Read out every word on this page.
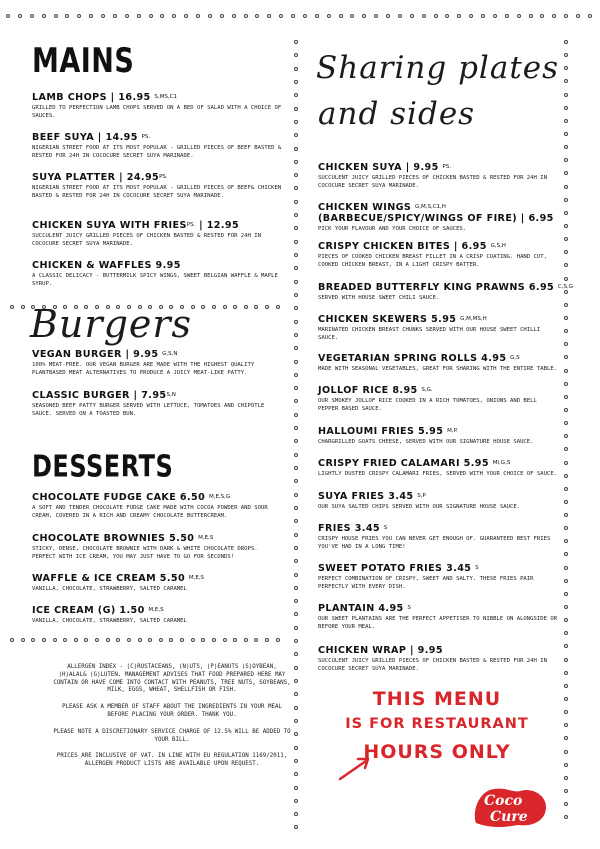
MAINS
LAMB CHOPS | 16.95 $^{S,MS,C1}$
GRILLED TO PERFECTION LAMB CHOPS SERVED ON A BED OF SALAD WITH A CHOICE OF SAUCES.
BEEF SUYA | 14.95 $^{PS.}$
NIGERIAN STREET FOOD AT ITS MOST POPULAR - GRILLED PIECES OF BEEF BASTED & RESTED FOR 24H IN COCOCURE SECRET SUYA MARINADE.
SUYA PLATTER | $24.95^{PS.}$
NIGERIAN STREET FOOD AT ITS MOST POPULAR - GRILLED PIECES OF BEEF& CHICKEN BASTED & RESTED FOR 24H IN COCOCURE SECRET SUYA MARINADE.
CHICKEN SUYA WITH $FRIES^{PS.}$ | 12.95
SUCCULENT JUICY GRILLED PIECES OF CHICKEN BASTED & RESTED FOR 24H IN COCOCURE SECRET SUYA MARINADE.
CHICKEN & WAFFLES 9.95
A CLASSIC DELICACY - BUTTERMILK SPICY WINGS, SWEET BELGIAN WAFFLE & MAPLE SYRUP.
Burgers
VEGAN BURGER | 9.95 $^{G,S,N}$
100% MEAT-FREE. OUR VEGAN BURGER ARE MADE WITH THE HIGHEST QUALITY PLANTBASED MEAT ALTERNATIVES TO PRODUCE A JUICY MEAT-LIKE PATTY.
CLASSIC BURGER | $7.95^{S,N}$
SEASONED BEEF PATTY BURGER SERVED WITH LETTUCE, TOMATOES AND CHIPOTLE SAUCE. SERVED ON A TOASTED BUN.
DESSERTS
CHOCOLATE FUDGE CAKE 6.50 $^{M,E,S,G}$
A SOFT AND TENDER CHOCOLATE FUDGE CAKE MADE WITH COCOA POWDER AND SOUR CREAM, COVERED IN A RICH AND CREAMY CHOCOLATE BUTTERCREAM.
CHOCOLATE BROWNIES 5.50 $^{M,E,S}$
STICKY, DENSE, CHOCOLATE BROWNIE WITH DARK & WHITE CHOCOLATE DROPS. PERFECT WITH ICE CREAM, YOU MAY JUST HAVE TO GO FOR SECONDS!
WAFFLE & ICE CREAM 5.50 $^{M,E,S}$
VANILLA, CHOCOLATE, STRAWBERRY, SALTED CARAMEL
ICE CREAM (G) 1.50 $^{M,E,S}$
VANILLA, CHOCOLATE, STRAWBERRY, SALTED CARAMEL

ALLERGEN INDEX - (C)RUSTACEANS, (N)UTS, (P)EANUTS (S)OYBEAN, (H)ALAL& (G)LUTEN. MANAGEMENT ADVISES THAT FOOD PREPARED HERE MAY CONTAIN OR HAVE COME INTO CONTACT WITH PEANUTS, TREE NUTS, SOYBEANS, MILK, EGGS, WHEAT, SHELLFISH OR FISH.

PLEASE ASK A MEMBER OF STAFF ABOUT THE INGREDIENTS IN YOUR MEAL BEFORE PLACING YOUR ORDER. THANK YOU.

PLEASE NOTE A DISCRETIONARY SERVICE CHARGE OF 12.5% WILL BE ADDED TO YOUR BILL.

PRICES ARE INCLUSIVE OF VAT. IN LINE WITH EU REGULATION 1169/2011, ALLERGEN PRODUCT LISTS ARE AVAILABLE UPON REQUEST.

Sharing plates
and sides
CHICKEN SUYA | 9.95 $^{PS.}$
SUCCULENT JUICY GRILLED PIECES OF CHICKEN BASTED & RESTED FOR 24H IN COCOCURE SECRET SUYA MARINADE.
CHICKEN WINGS $^{G,M,S,C1,H}$
(BARBECUE/SPICY/WINGS OF FIRE) | 6.95
PICK YOUR FLAVOUR AND YOUR CHOICE OF SAUCES.
CRISPY CHICKEN BITES | 6.95 $^{G,S,H}$
PIECES OF COOKED CHICKEN BREAST FILLET IN A CRISP COATING. HAND CUT, COOKED CHICKEN BREAST, IN A LIGHT CRISPY BATTER.
BREADED BUTTERFLY KING PRAWNS 6.95 $^{C,S,G}$
SERVED WITH HOUSE SWEET CHILI SAUCE.
CHICKEN SKEWERS 5.95 $^{G,M,MS,H}$
MARINATED CHICKEN BREAST CHUNKS SERVED WITH OUR HOUSE SWEET CHILLI SAUCE.
VEGETARIAN SPRING ROLLS 4.95 $^{G,S}$
MADE WITH SEASONAL VEGETABLES, GREAT FOR SHARING WITH THE ENTIRE TABLE.
JOLLOF RICE 8.95 $^{S,G.}$
OUR SMOKEY JOLLOF RICE COOKED IN A RICH TOMATOES, ONIONS AND BELL PEPPER BASED SAUCE.
HALLOUMI FRIES 5.95 $^{M,P.}$
CHARGRILLED GOATS CHEESE, SERVED WITH OUR SIGNATURE HOUSE SAUCE.
CRISPY FRIED CALAMARI 5.95 $^{MI,G,S}$
LIGHTLY DUSTED CRISPY CALAMARI FRIES, SERVED WITH YOUR CHOICE OF SAUCE.
SUYA FRIES 3.45 $^{S,P}$
OUR SUYA SALTED CHIPS SERVED WITH OUR SIGNATURE HOUSE SAUCE.
FRIES 3.45 $^S$
CRISPY HOUSE FRIES YOU CAN NEVER GET ENOUGH OF. GUARANTEED BEST FRIES YOU'VE HAD IN A LONG TIME!
SWEET POTATO FRIES 3.45 $^S$
PERFECT COMBINATION OF CRISPY, SWEET AND SALTY. THESE FRIES PAIR PERFECTLY WITH EVERY DISH.
PLANTAIN 4.95 $^S$
OUR SWEET PLANTAINS ARE THE PERFECT APPETISER TO NIBBLE ON ALONGSIDE OR BEFORE YOUR MEAL.
CHICKEN WRAP | 9.95
SUCCULENT JUICY GRILLED PIECES OF CHICKEN BASTED & RESTED FOR 24H IN COCOCURE SECRET SUYA MARINADE.
THIS MENU
IS FOR RESTAURANT
HOURS ONLY
Coco
Cure
